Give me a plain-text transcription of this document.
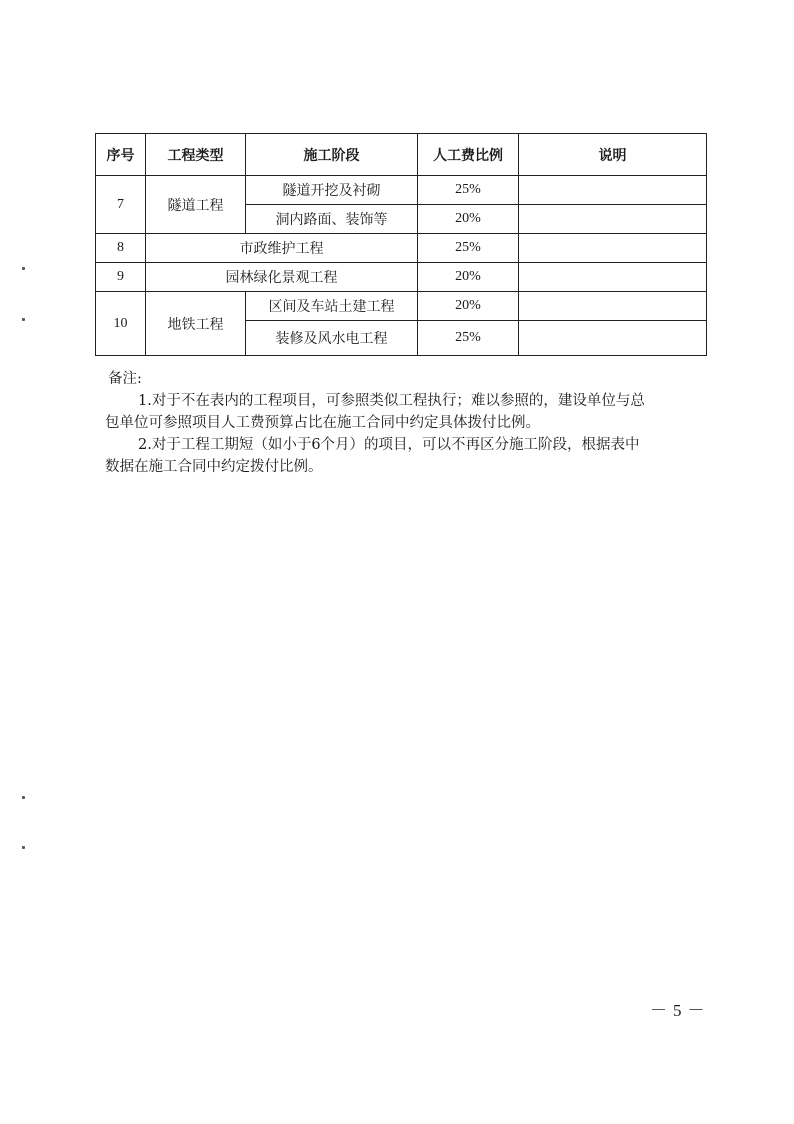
序号	工程类型	施工阶段	人工费比例	说明
7	隧道工程	隧道开挖及衬砌	25%	
		洞内路面、装饰等	20%	
8	市政维护工程		25%	
9	园林绿化景观工程		20%	
10	地铁工程	区间及车站土建工程	20%	
		装修及风水电工程	25%	

备注:

1.对于不在表内的工程项目，可参照类似工程执行；难以参照的，建设单位与总

包单位可参照项目人工费预算占比在施工合同中约定具体拨付比例。

2.对于工程工期短（如小于6个月）的项目，可以不再区分施工阶段，根据表中

数据在施工合同中约定拨付比例。

－5－
